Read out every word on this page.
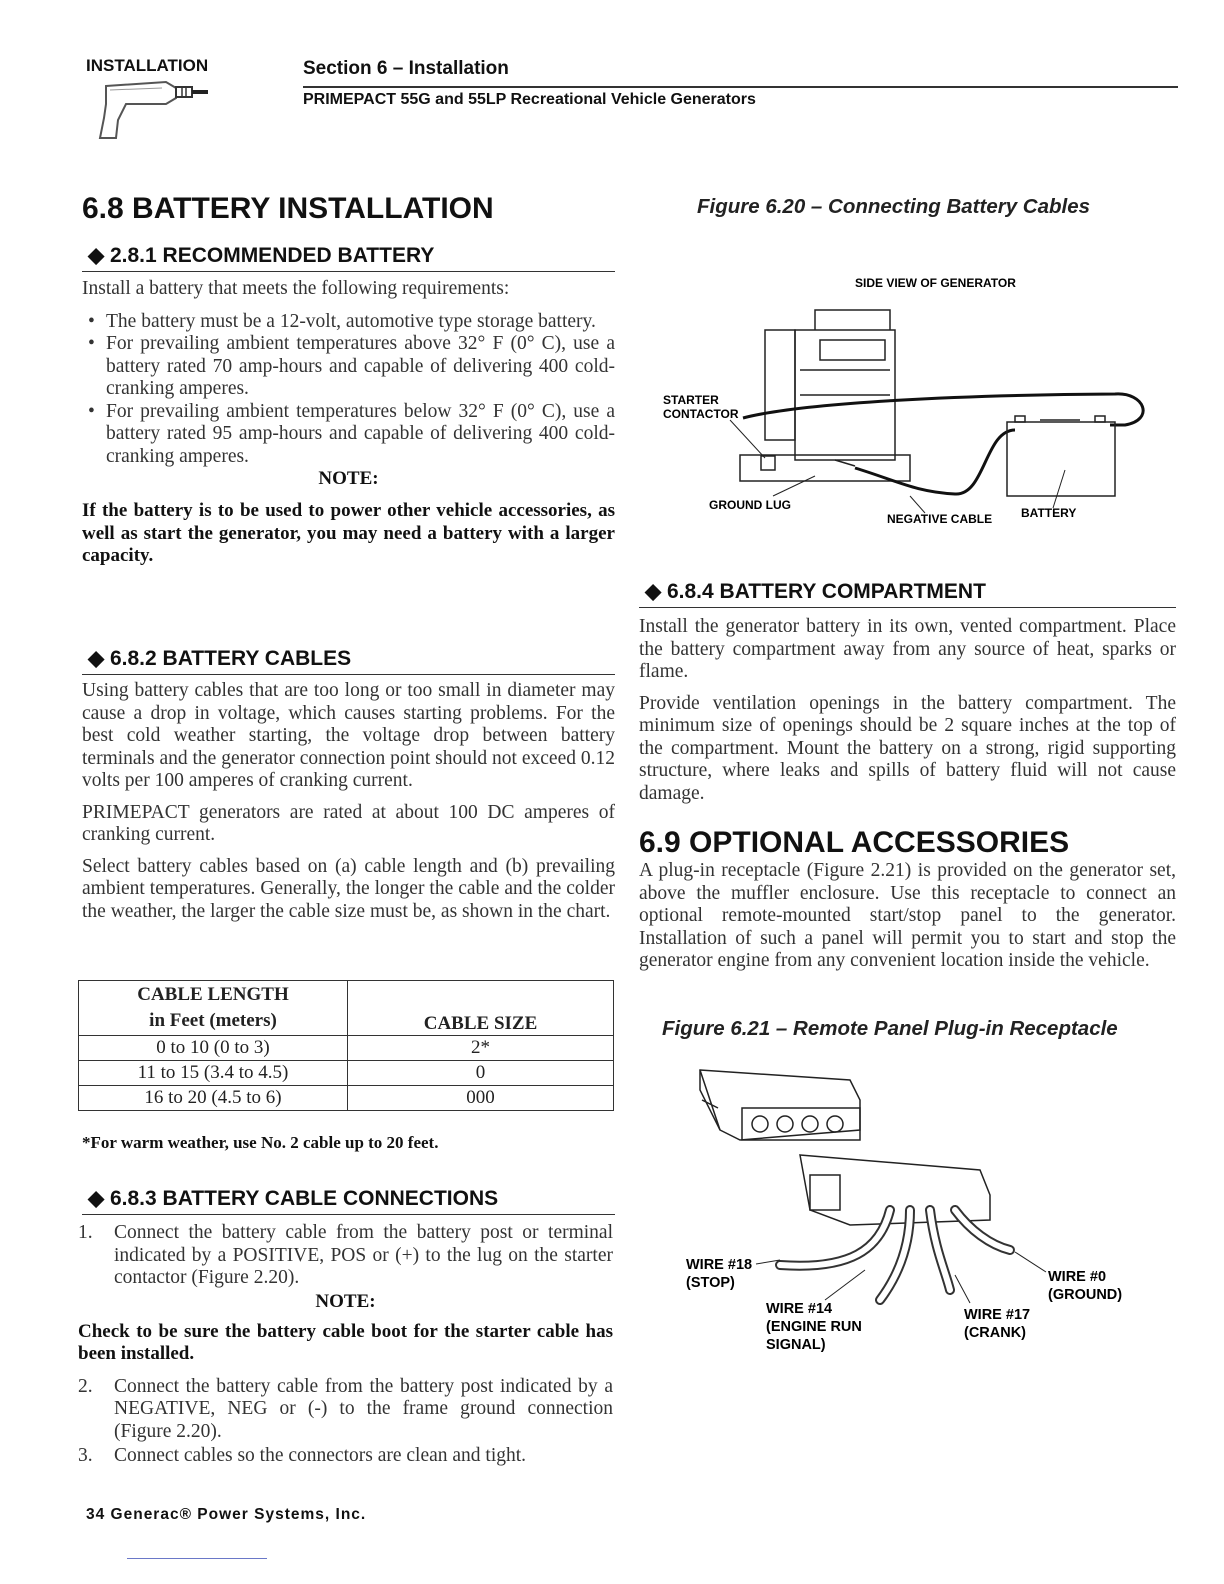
INSTALLATION	Section 6 – Installation
PRIMEPACT 55G and 55LP Recreational Vehicle Generators
6.8 BATTERY INSTALLATION
◆ 2.8.1 RECOMMENDED BATTERY
Install a battery that meets the following requirements:
• The battery must be a 12-volt, automotive type storage battery.
• For prevailing ambient temperatures above 32° F (0° C), use a battery rated 70 amp-hours and capable of delivering 400 cold-cranking amperes.
• For prevailing ambient temperatures below 32° F (0° C), use a battery rated 95 amp-hours and capable of delivering 400 cold-cranking amperes.
NOTE:
If the battery is to be used to power other vehicle accessories, as well as start the generator, you may need a battery with a larger capacity.
◆ 6.8.2 BATTERY CABLES
Using battery cables that are too long or too small in diameter may cause a drop in voltage, which causes starting problems. For the best cold weather starting, the voltage drop between battery terminals and the generator connection point should not exceed 0.12 volts per 100 amperes of cranking current.
PRIMEPACT generators are rated at about 100 DC amperes of cranking current.
Select battery cables based on (a) cable length and (b) prevailing ambient temperatures. Generally, the longer the cable and the colder the weather, the larger the cable size must be, as shown in the chart.
CABLE LENGTH
in Feet (meters)	CABLE SIZE
0 to 10 (0 to 3)	2*
11 to 15 (3.4 to 4.5)	0
16 to 20 (4.5 to 6)	000
*For warm weather, use No. 2 cable up to 20 feet.
◆ 6.8.3 BATTERY CABLE CONNECTIONS
1. Connect the battery cable from the battery post or terminal indicated by a POSITIVE, POS or (+) to the lug on the starter contactor (Figure 2.20).
NOTE:
Check to be sure the battery cable boot for the starter cable has been installed.
2. Connect the battery cable from the battery post indicated by a NEGATIVE, NEG or (-) to the frame ground connection (Figure 2.20).
3. Connect cables so the connectors are clean and tight.
Figure 6.20 – Connecting Battery Cables
SIDE VIEW OF GENERATOR
STARTER
CONTACTOR
GROUND LUG
NEGATIVE CABLE BATTERY
◆ 6.8.4 BATTERY COMPARTMENT
Install the generator battery in its own, vented compartment. Place the battery compartment away from any source of heat, sparks or flame.
Provide ventilation openings in the battery compartment. The minimum size of openings should be 2 square inches at the top of the compartment. Mount the battery on a strong, rigid supporting structure, where leaks and spills of battery fluid will not cause damage.
6.9 OPTIONAL ACCESSORIES
A plug-in receptacle (Figure 2.21) is provided on the generator set, above the muffler enclosure. Use this receptacle to connect an optional remote-mounted start/stop panel to the generator. Installation of such a panel will permit you to start and stop the generator engine from any convenient location inside the vehicle.
Figure 6.21 – Remote Panel Plug-in Receptacle
WIRE #18
(STOP)
WIRE #14
(ENGINE RUN
SIGNAL)
WIRE #17
(CRANK)
WIRE #0
(GROUND)
34 Generac® Power Systems, Inc.
